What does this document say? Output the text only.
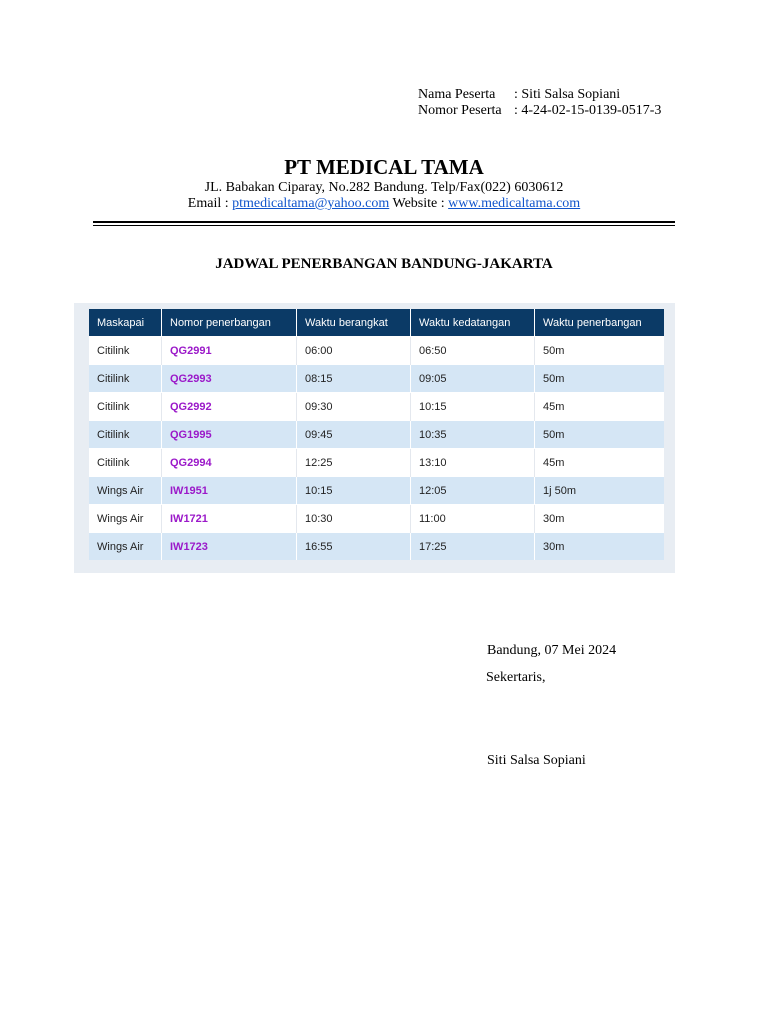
Nama Peserta	: Siti Salsa Sopiani
Nomor Peserta : 4-24-02-15-0139-0517-3
PT MEDICAL TAMA
JL. Babakan Ciparay, No.282 Bandung. Telp/Fax(022) 6030612
Email : ptmedicaltama@yahoo.com Website : www.medicaltama.com
JADWAL PENERBANGAN BANDUNG-JAKARTA
Maskapai	Nomor penerbangan	Waktu berangkat	Waktu kedatangan	Waktu penerbangan
Citilink	QG2991	06:00	06:50	50m
Citilink	QG2993	08:15	09:05	50m
Citilink	QG2992	09:30	10:15	45m
Citilink	QG1995	09:45	10:35	50m
Citilink	QG2994	12:25	13:10	45m
Wings Air	IW1951	10:15	12:05	1j 50m
Wings Air	IW1721	10:30	11:00	30m
Wings Air	IW1723	16:55	17:25	30m
Bandung, 07 Mei 2024
Sekertaris,
Siti Salsa Sopiani
